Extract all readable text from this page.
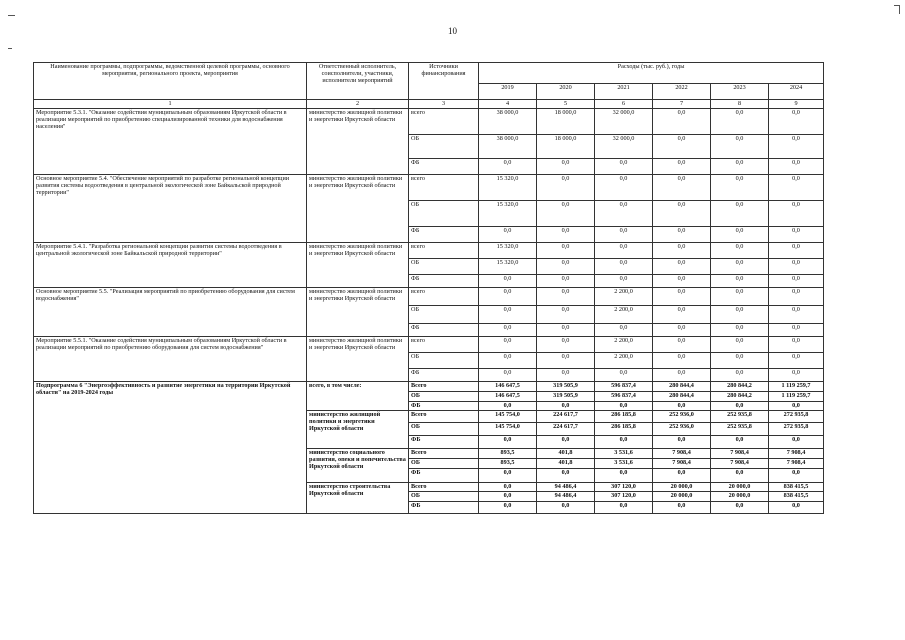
10
Наименование программы, подпрограммы, ведомственной целевой программы, основного мероприятия, регионального проекта, мероприятия	Ответственный исполнитель, соисполнители, участники, исполнители мероприятий	Источники финансирования	Расходы (тыс. руб.), годы					
			2019	2020	2021	2022	2023	2024
1	2	3	4	5	6	7	8	9
Мероприятие 5.3.1. "Оказание содействия муниципальным образованиям Иркутской области в реализации мероприятий по приобретению специализированной техники для водоснабжения населения"	министерство жилищной политики и энергетики Иркутской области	всего	38 000,0	18 000,0	32 000,0	0,0	0,0	0,0
		ОБ	38 000,0	18 000,0	32 000,0	0,0	0,0	0,0
		ФБ	0,0	0,0	0,0	0,0	0,0	0,0
Основное мероприятие 5.4. "Обеспечение мероприятий по разработке региональной концепции развития системы водоотведения в центральной экологической зоне Байкальской природной территории"	министерство жилищной политики и энергетики Иркутской области	всего	15 320,0	0,0	0,0	0,0	0,0	0,0
		ОБ	15 320,0	0,0	0,0	0,0	0,0	0,0
		ФБ	0,0	0,0	0,0	0,0	0,0	0,0
Мероприятие 5.4.1. "Разработка региональной концепции развития системы водоотведения в центральной экологической зоне Байкальской природной территории"	министерство жилищной политики и энергетики Иркутской области	всего	15 320,0	0,0	0,0	0,0	0,0	0,0
		ОБ	15 320,0	0,0	0,0	0,0	0,0	0,0
		ФБ	0,0	0,0	0,0	0,0	0,0	0,0
Основное мероприятие 5.5. "Реализация мероприятий по приобретению оборудования для систем водоснабжения"	министерство жилищной политики и энергетики Иркутской области	всего	0,0	0,0	2 200,0	0,0	0,0	0,0
		ОБ	0,0	0,0	2 200,0	0,0	0,0	0,0
		ФБ	0,0	0,0	0,0	0,0	0,0	0,0
Мероприятие 5.5.1. "Оказание содействия муниципальным образованиям Иркутской области в реализации мероприятий по приобретению оборудования для систем водоснабжения"	министерство жилищной политики и энергетики Иркутской области	всего	0,0	0,0	2 200,0	0,0	0,0	0,0
		ОБ	0,0	0,0	2 200,0	0,0	0,0	0,0
		ФБ	0,0	0,0	0,0	0,0	0,0	0,0
Подпрограмма 6 "Энергоэффективность и развитие энергетики на территории Иркутской области" на 2019-2024 годы	всего, в том числе:	Всего	146 647,5	319 505,9	596 837,4	280 844,4	280 844,2	1 119 259,7
		ОБ	146 647,5	319 505,9	596 837,4	280 844,4	280 844,2	1 119 259,7
		ФБ	0,0	0,0	0,0	0,0	0,0	0,0
	министерство жилищной политики и энергетики Иркутской области	Всего	145 754,0	224 617,7	286 185,8	252 936,0	252 935,8	272 935,8
		ОБ	145 754,0	224 617,7	286 185,8	252 936,0	252 935,8	272 935,8
		ФБ	0,0	0,0	0,0	0,0	0,0	0,0
	министерство социального развития, опеки и попечительства Иркутской области	Всего	893,5	401,8	3 531,6	7 908,4	7 908,4	7 908,4
		ОБ	893,5	401,8	3 531,6	7 908,4	7 908,4	7 908,4
		ФБ	0,0	0,0	0,0	0,0	0,0	0,0
	министерство строительства Иркутской области	Всего	0,0	94 486,4	307 120,0	20 000,0	20 000,0	838 415,5
		ОБ	0,0	94 486,4	307 120,0	20 000,0	20 000,0	838 415,5
		ФБ	0,0	0,0	0,0	0,0	0,0	0,0
